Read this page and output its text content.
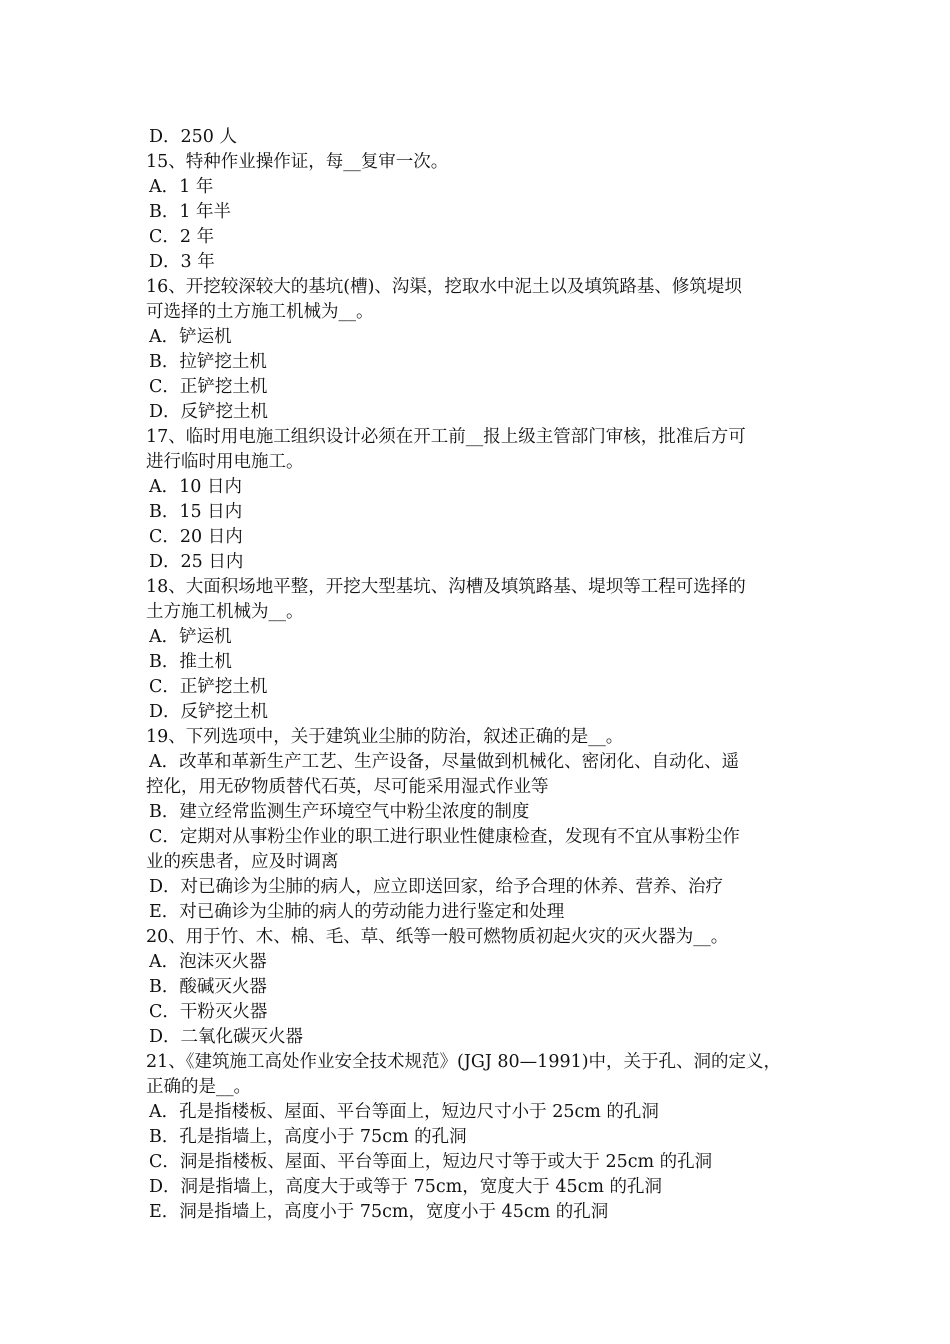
D．250 人
15、特种作业操作证，每__复审一次。
A．1 年
B．1 年半
C．2 年
D．3 年
16、开挖较深较大的基坑(槽)、沟渠，挖取水中泥土以及填筑路基、修筑堤坝
可选择的土方施工机械为__。
A．铲运机
B．拉铲挖土机
C．正铲挖土机
D．反铲挖土机
17、临时用电施工组织设计必须在开工前__报上级主管部门审核，批准后方可
进行临时用电施工。
A．10 日内
B．15 日内
C．20 日内
D．25 日内
18、大面积场地平整，开挖大型基坑、沟槽及填筑路基、堤坝等工程可选择的
土方施工机械为__。
A．铲运机
B．推土机
C．正铲挖土机
D．反铲挖土机
19、下列选项中，关于建筑业尘肺的防治，叙述正确的是__。
A．改革和革新生产工艺、生产设备，尽量做到机械化、密闭化、自动化、遥
控化，用无矽物质替代石英，尽可能采用湿式作业等
B．建立经常监测生产环境空气中粉尘浓度的制度
C．定期对从事粉尘作业的职工进行职业性健康检查，发现有不宜从事粉尘作
业的疾患者，应及时调离
D．对已确诊为尘肺的病人，应立即送回家，给予合理的休养、营养、治疗
E．对已确诊为尘肺的病人的劳动能力进行鉴定和处理
20、用于竹、木、棉、毛、草、纸等一般可燃物质初起火灾的灭火器为__。
A．泡沫灭火器
B．酸碱灭火器
C．干粉灭火器
D．二氧化碳灭火器
21、《建筑施工高处作业安全技术规范》(JGJ 80—1991)中，关于孔、洞的定义，
正确的是__。
A．孔是指楼板、屋面、平台等面上，短边尺寸小于 25cm 的孔洞
B．孔是指墙上，高度小于 75cm 的孔洞
C．洞是指楼板、屋面、平台等面上，短边尺寸等于或大于 25cm 的孔洞
D．洞是指墙上，高度大于或等于 75cm，宽度大于 45cm 的孔洞
E．洞是指墙上，高度小于 75cm，宽度小于 45cm 的孔洞
